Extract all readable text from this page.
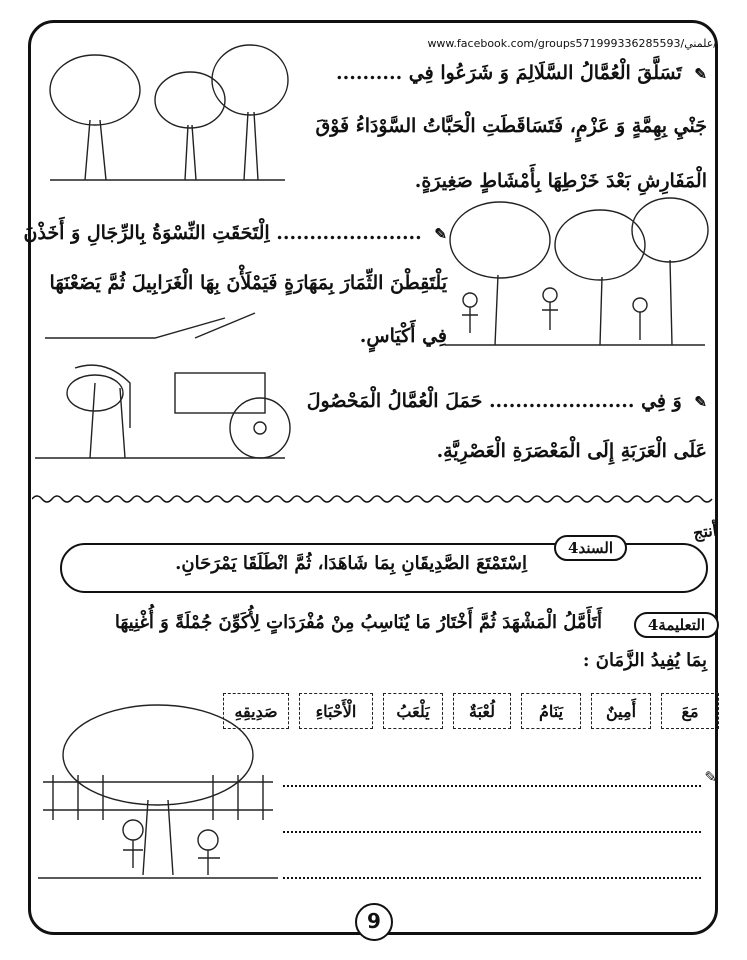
www.facebook.com/groups571999336285593/علمني/
✎ تَسَلَّقَ الْعُمَّالُ السَّلَالِمَ وَ شَرَعُوا فِي ..........
جَنْيِ بِهِمَّةٍ وَ عَزْمٍ، فَتَسَاقَطَتِ الْحَبَّاتُ السَّوْدَاءُ فَوْقَ
الْمَفَارِشِ بَعْدَ خَرْطِهَا بِأَمْشَاطٍ صَغِيرَةٍ.
✎ ...................... اِلْتَحَقَتِ النِّسْوَةُ بِالرِّجَالِ وَ أَخَذْنَ
يَلْتَقِطْنَ الثِّمَارَ بِمَهَارَةٍ فَيَمْلَأْنَ بِهَا الْغَرَابِيلَ ثُمَّ يَضَعْنَهَا
فِي أَكْيَاسٍ.
✎ وَ فِي ...................... حَمَلَ الْعُمَّالُ الْمَحْصُولَ
عَلَى الْعَرَبَةِ إِلَى الْمَعْصَرَةِ الْعَصْرِيَّةِ.
أنتج
السند4
اِسْتَمْتَعَ الصَّدِيقَانِ بِمَا شَاهَدَا، ثُمَّ انْطَلَقَا يَمْرَحَانِ.
التعليمة4
أَتَأَمَّلُ الْمَشْهَدَ ثُمَّ أَخْتَارُ مَا يُنَاسِبُ مِنْ مُفْرَدَاتٍ لِأُكَوِّنَ جُمْلَةً وَ أُغْنِيهَا
بِمَا يُفِيدُ الزَّمَانَ :
مَعَ
أَمِينٌ
يَنَامُ
لُعْبَةٌ
يَلْعَبُ
الْأَحْبَاءِ
صَدِيقِهِ
✎
9
